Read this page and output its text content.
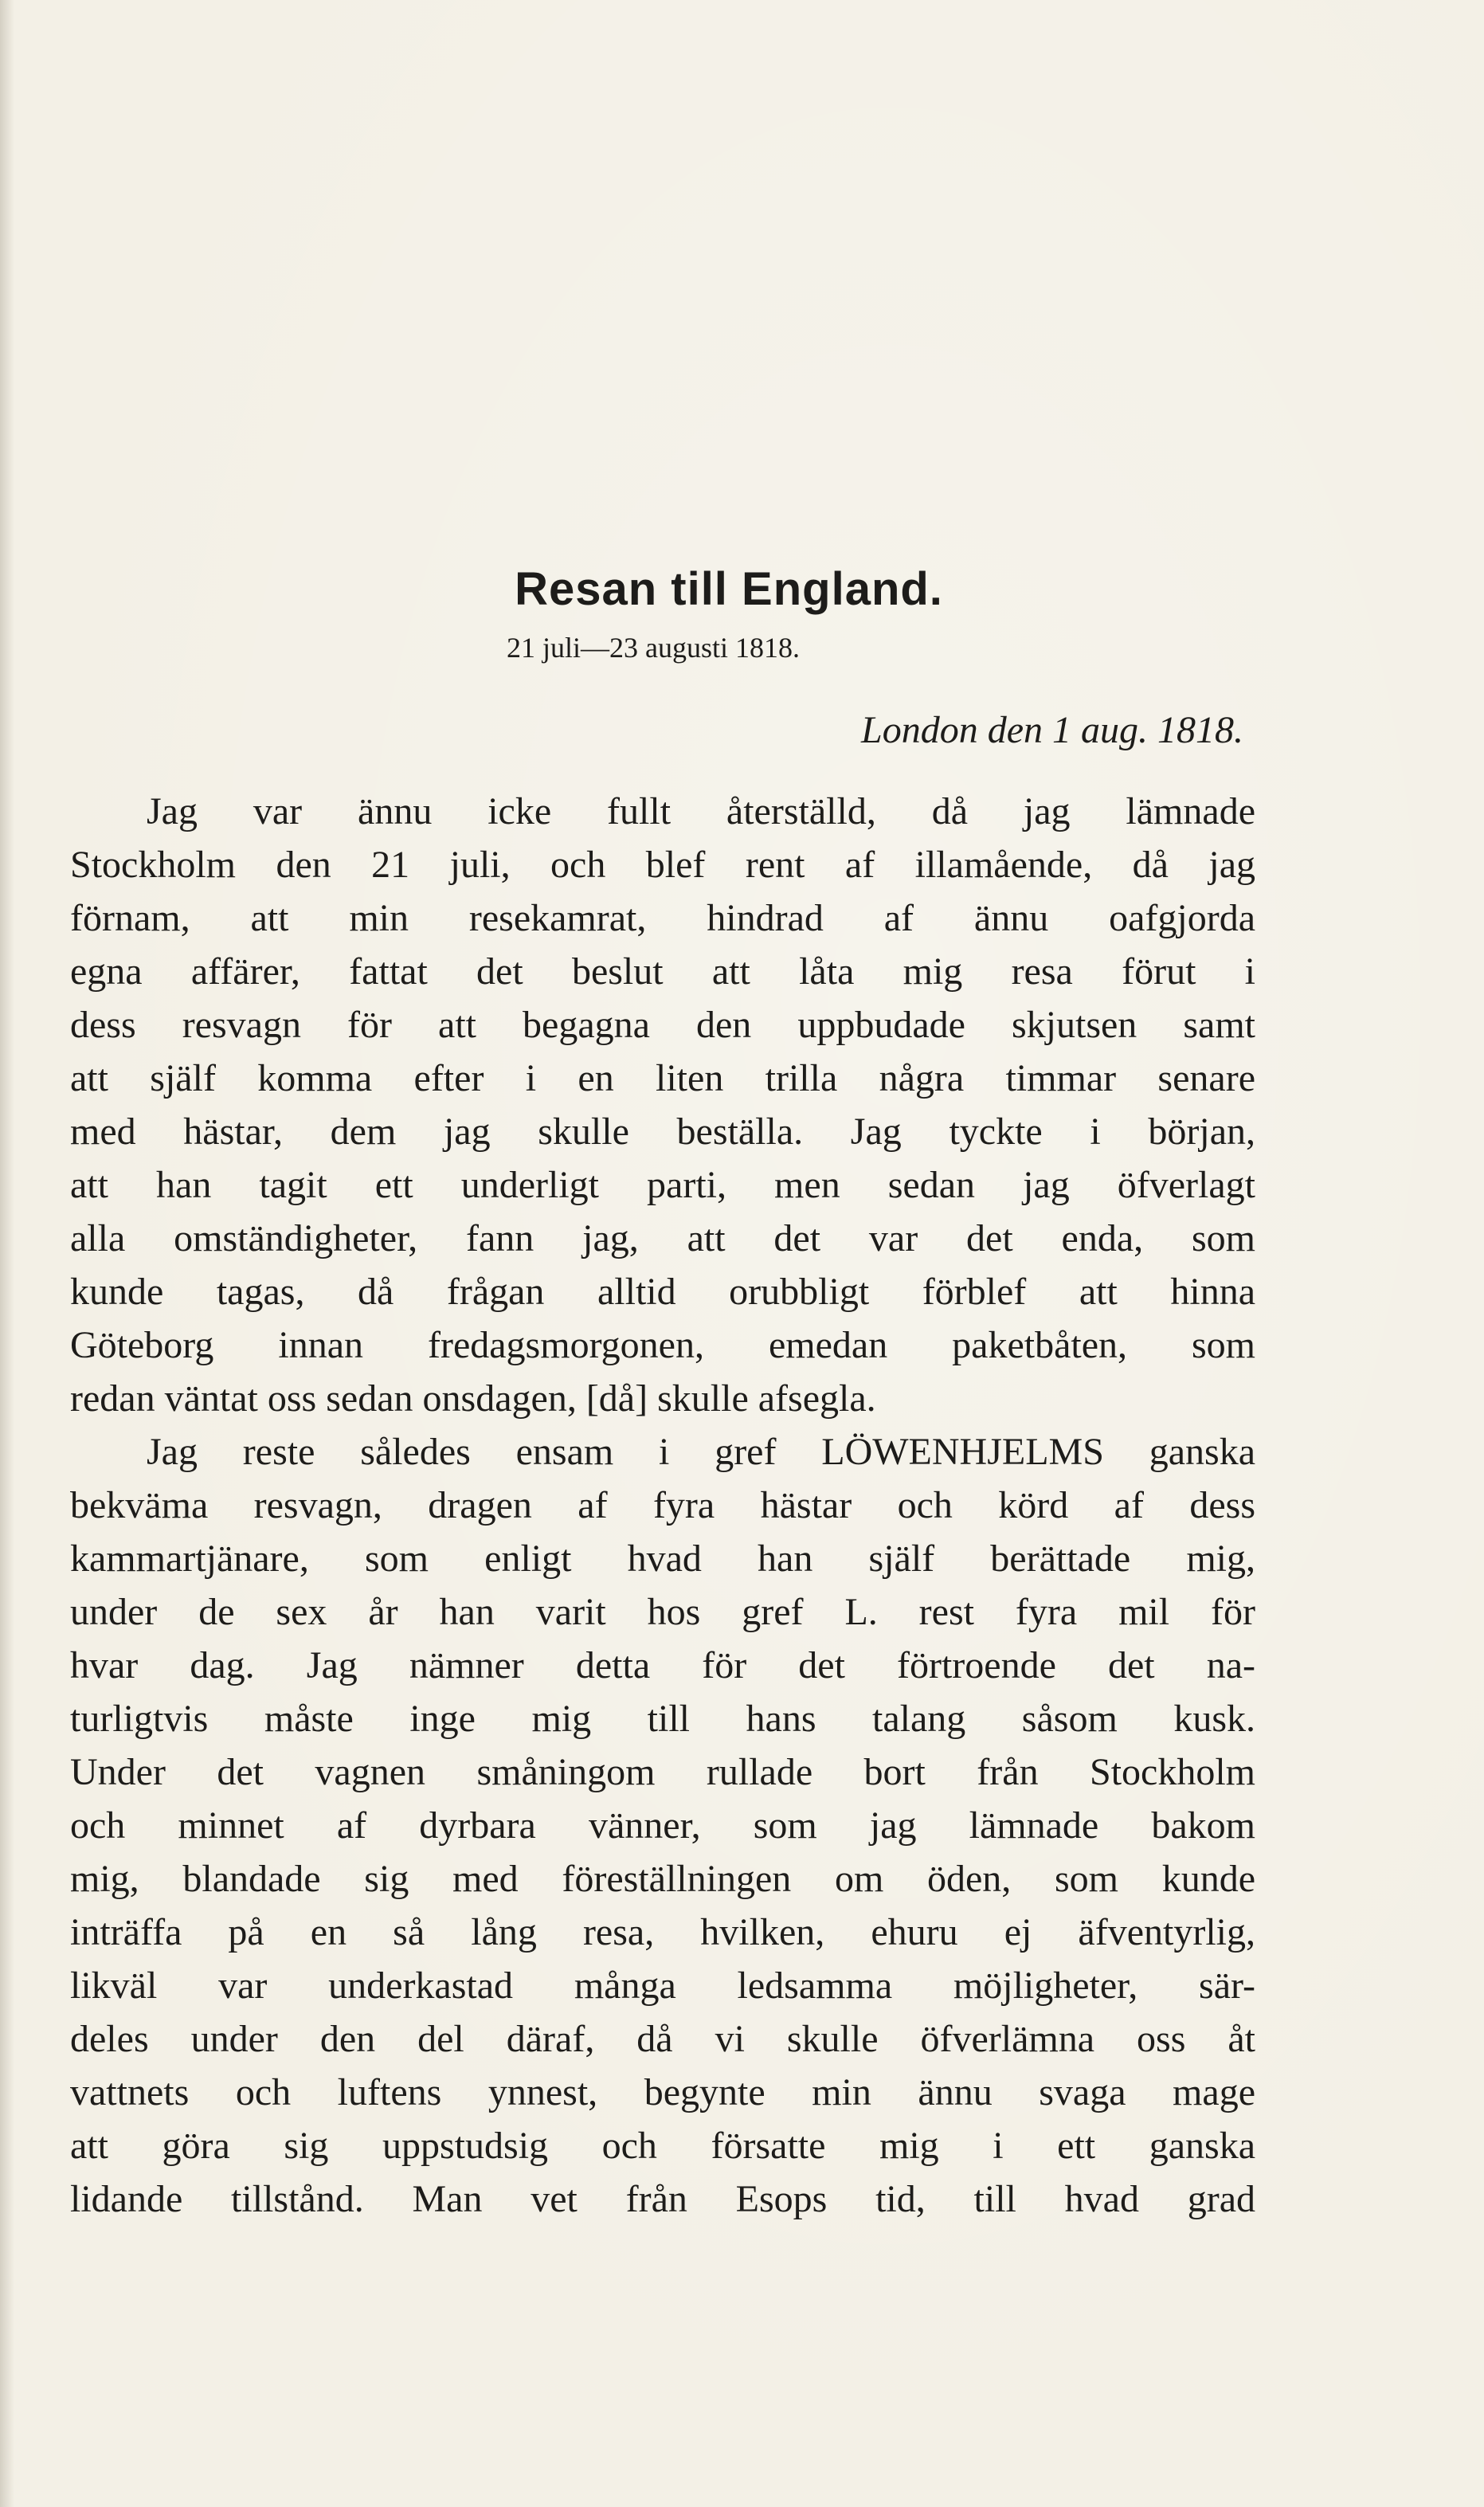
Resan till England.

21 juli—23 augusti 1818.

London den 1 aug. 1818.

Jag var ännu icke fullt återställd, då jag lämnade
Stockholm den 21 juli, och blef rent af illamående, då jag
förnam, att min resekamrat, hindrad af ännu oafgjorda
egna affärer, fattat det beslut att låta mig resa förut i
dess resvagn för att begagna den uppbudade skjutsen samt
att själf komma efter i en liten trilla några timmar senare
med hästar, dem jag skulle beställa. Jag tyckte i början,
att han tagit ett underligt parti, men sedan jag öfverlagt
alla omständigheter, fann jag, att det var det enda, som
kunde tagas, då frågan alltid orubbligt förblef att hinna
Göteborg innan fredagsmorgonen, emedan paketbåten, som
redan väntat oss sedan onsdagen, [då] skulle afsegla.
Jag reste således ensam i gref LÖWENHJELMS ganska
bekväma resvagn, dragen af fyra hästar och körd af dess
kammartjänare, som enligt hvad han själf berättade mig,
under de sex år han varit hos gref L. rest fyra mil för
hvar dag. Jag nämner detta för det förtroende det na-
turligtvis måste inge mig till hans talang såsom kusk.
Under det vagnen småningom rullade bort från Stockholm
och minnet af dyrbara vänner, som jag lämnade bakom
mig, blandade sig med föreställningen om öden, som kunde
inträffa på en så lång resa, hvilken, ehuru ej äfventyrlig,
likväl var underkastad många ledsamma möjligheter, sär-
deles under den del däraf, då vi skulle öfverlämna oss åt
vattnets och luftens ynnest, begynte min ännu svaga mage
att göra sig uppstudsig och försatte mig i ett ganska
lidande tillstånd. Man vet från Esops tid, till hvad grad
